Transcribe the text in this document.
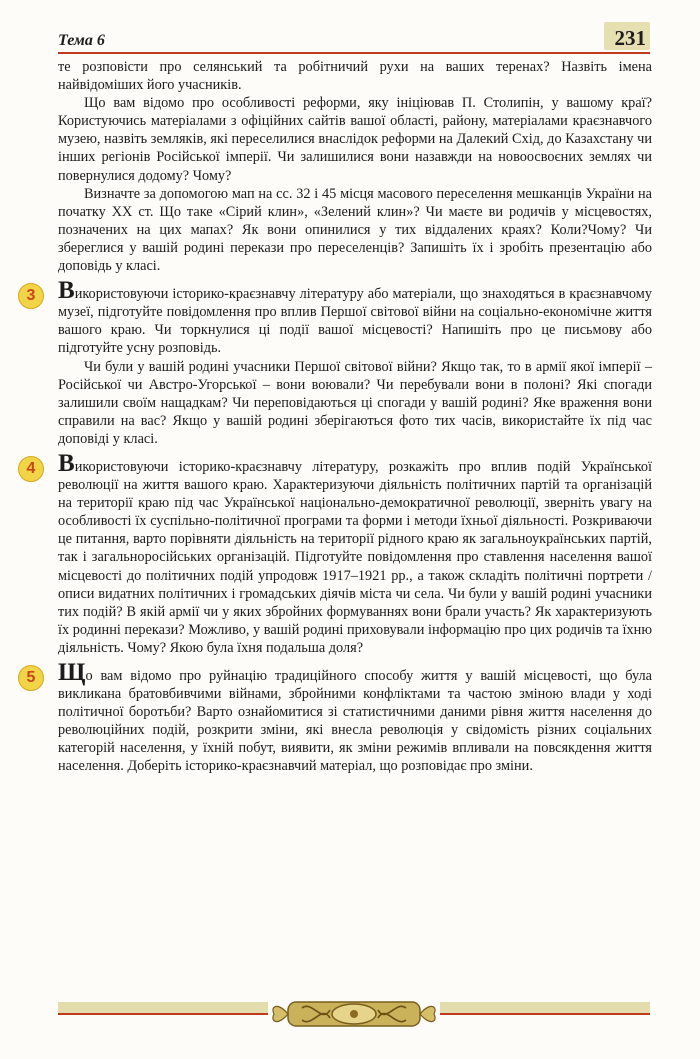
Тема 6	231

те розповісти про селянський та робітничий рухи на ваших теренах? Назвіть імена найвідоміших його учасників.

Що вам відомо про особливості реформи, яку ініціював П. Столипін, у вашому краї? Користуючись матеріалами з офіційних сайтів вашої області, району, матеріалами краєзнавчого музею, назвіть земляків, які переселилися внаслідок реформи на Далекий Схід, до Казахстану чи інших регіонів Російської імперії. Чи залишилися вони назавжди на новоосвоєних землях чи повернулися додому? Чому?

Визначте за допомогою мап на сс. 32 і 45 місця масового переселення мешканців України на початку ХХ ст. Що таке «Сірий клин», «Зелений клин»? Чи маєте ви родичів у місцевостях, позначених на цих мапах? Як вони опинилися у тих віддалених краях? Коли?Чому? Чи збереглися у вашій родині перекази про переселенців? Запишіть їх і зробіть презентацію або доповідь у класі.

3 Використовуючи історико-краєзнавчу літературу або матеріали, що знаходяться в краєзнавчому музеї, підготуйте повідомлення про вплив Першої світової війни на соціально-економічне життя вашого краю. Чи торкнулися ці події вашої місцевості? Напишіть про це письмову або підготуйте усну розповідь.

Чи були у вашій родині учасники Першої світової війни? Якщо так, то в армії якої імперії – Російської чи Австро-Угорської – вони воювали? Чи перебували вони в полоні? Які спогади залишили своїм нащадкам? Чи переповідаються ці спогади у вашій родині? Яке враження вони справили на вас? Якщо у вашій родині зберігаються фото тих часів, використайте їх під час доповіді у класі.

4 Використовуючи історико-краєзнавчу літературу, розкажіть про вплив подій Української революції на життя вашого краю. Характеризуючи діяльність політичних партій та організацій на території краю під час Української національно-демократичної революції, зверніть увагу на особливості їх суспільно-політичної програми та форми і методи їхньої діяльності. Розкриваючи це питання, варто порівняти діяльність на території рідного краю як загальноукраїнських партій, так і загальноросійських організацій. Підготуйте повідомлення про ставлення населення вашої місцевості до політичних подій упродовж 1917–1921 рр., а також складіть політичні портрети / описи видатних політичних і громадських діячів міста чи села. Чи були у вашій родині учасники тих подій? В якій армії чи у яких збройних формуваннях вони брали участь? Як характеризують їх родинні перекази? Можливо, у вашій родині приховували інформацію про цих родичів та їхню діяльність. Чому? Якою була їхня подальша доля?

5 Що вам відомо про руйнацію традиційного способу життя у вашій місцевості, що була викликана братовбивчими війнами, збройними конфліктами та частою зміною влади у ході політичної боротьби? Варто ознайомитися зі статистичними даними рівня життя населення до революційних подій, розкрити зміни, які внесла революція у свідомість різних соціальних категорій населення, у їхній побут, виявити, як зміни режимів впливали на повсякдення життя населення. Доберіть історико-краєзнавчий матеріал, що розповідає про зміни.
